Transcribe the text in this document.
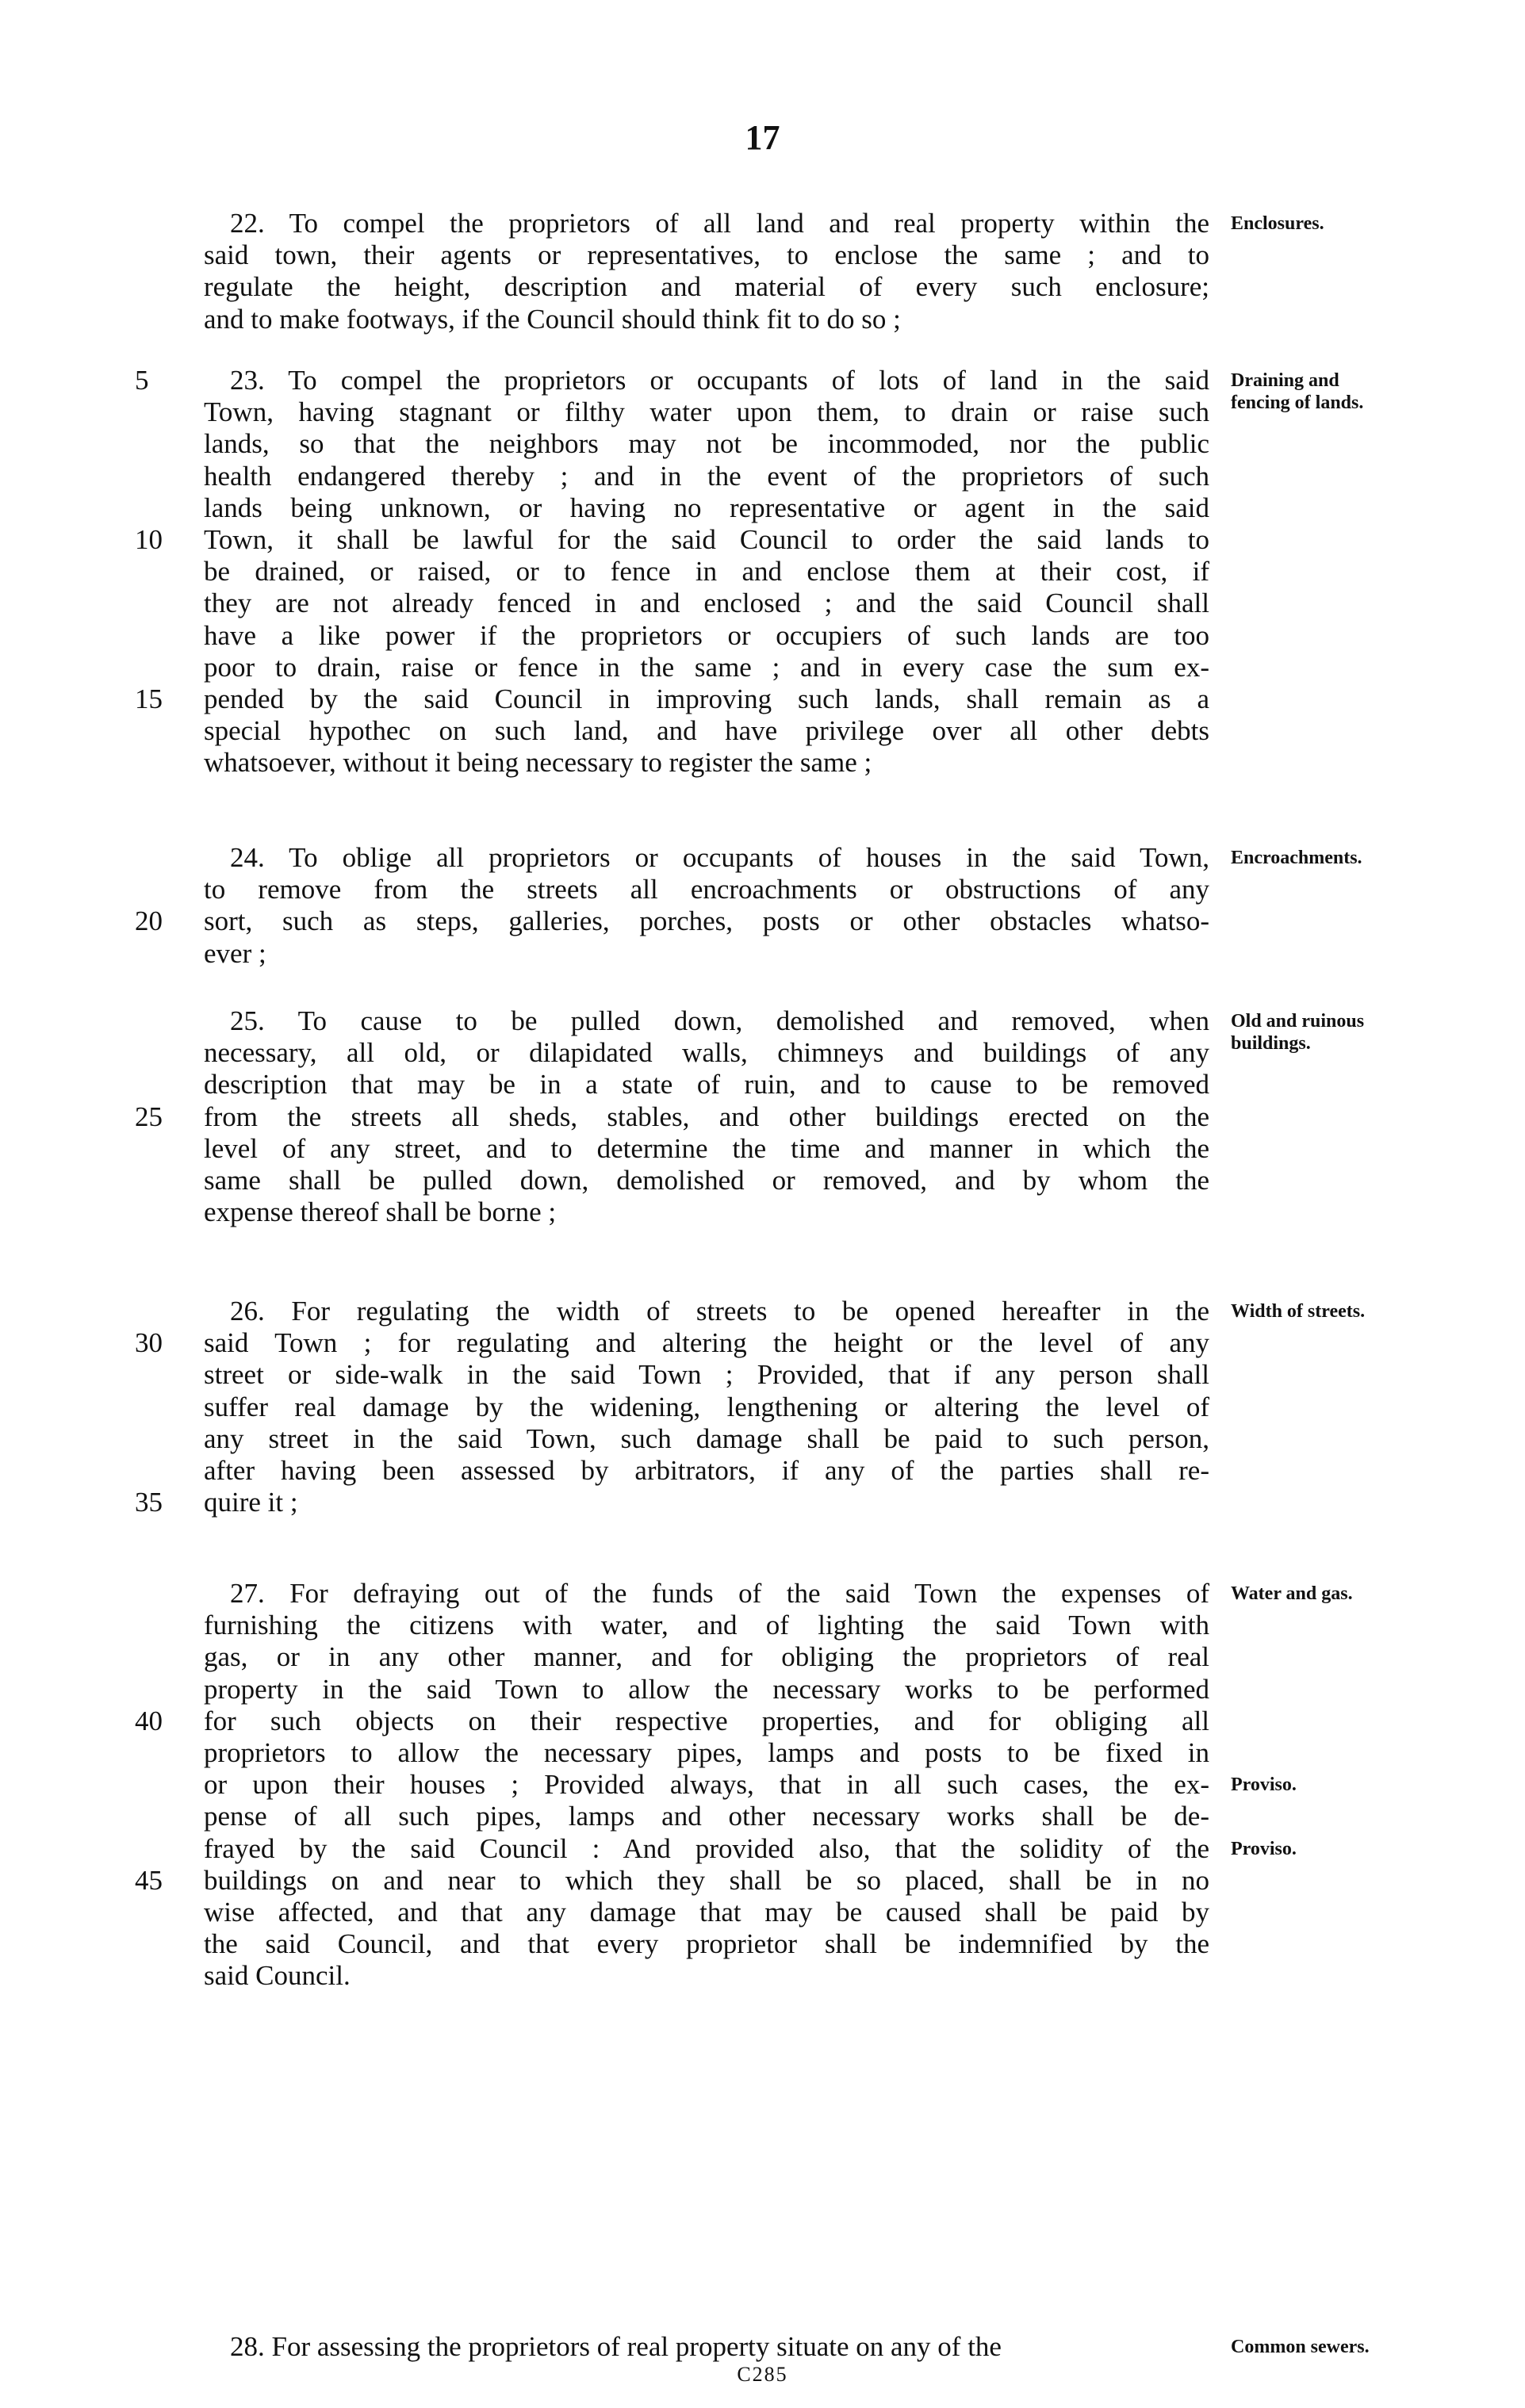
17

22. To compel the proprietors of all land and real property within the

said town, their agents or representatives, to enclose the same ; and to

regulate the height, description and material of every such enclosure;

and to make footways, if the Council should think fit to do so ;

Enclosures.

23. To compel the proprietors or occupants of lots of land in the said

Town, having stagnant or filthy water upon them, to drain or raise such

lands, so that the neighbors may not be incommoded, nor the public

health endangered thereby ; and in the event of the proprietors of such

lands being unknown, or having no representative or agent in the said

Town, it shall be lawful for the said Council to order the said lands to

be drained, or raised, or to fence in and enclose them at their cost, if

they are not already fenced in and enclosed ; and the said Council shall

have a like power if the proprietors or occupiers of such lands are too

poor to drain, raise or fence in the same ; and in every case the sum ex-

pended by the said Council in improving such lands, shall remain as a

special hypothec on such land, and have privilege over all other debts

whatsoever, without it being necessary to register the same ;

5
10
15
Draining and fencing of lands.

24. To oblige all proprietors or occupants of houses in the said Town,

to remove from the streets all encroachments or obstructions of any

sort, such as steps, galleries, porches, posts or other obstacles whatso-

ever ;

20
Encroachments.

25. To cause to be pulled down, demolished and removed, when

necessary, all old, or dilapidated walls, chimneys and buildings of any

description that may be in a state of ruin, and to cause to be removed

from the streets all sheds, stables, and other buildings erected on the

level of any street, and to determine the time and manner in which the

same shall be pulled down, demolished or removed, and by whom the

expense thereof shall be borne ;

25
Old and ruinous buildings.

26. For regulating the width of streets to be opened hereafter in the

said Town ; for regulating and altering the height or the level of any

street or side-walk in the said Town ; Provided, that if any person shall

suffer real damage by the widening, lengthening or altering the level of

any street in the said Town, such damage shall be paid to such person,

after having been assessed by arbitrators, if any of the parties shall re-

quire it ;

30
35
Width of streets.

27. For defraying out of the funds of the said Town the expenses of

furnishing the citizens with water, and of lighting the said Town with

gas, or in any other manner, and for obliging the proprietors of real

property in the said Town to allow the necessary works to be performed

for such objects on their respective properties, and for obliging all

proprietors to allow the necessary pipes, lamps and posts to be fixed in

or upon their houses ; Provided always, that in all such cases, the ex-

pense of all such pipes, lamps and other necessary works shall be de-

frayed by the said Council : And provided also, that the solidity of the

buildings on and near to which they shall be so placed, shall be in no

wise affected, and that any damage that may be caused shall be paid by

the said Council, and that every proprietor shall be indemnified by the

said Council.

40
45
Water and gas.
Proviso.
Proviso.

28. For assessing the proprietors of real property situate on any of the	Common sewers.
C285
